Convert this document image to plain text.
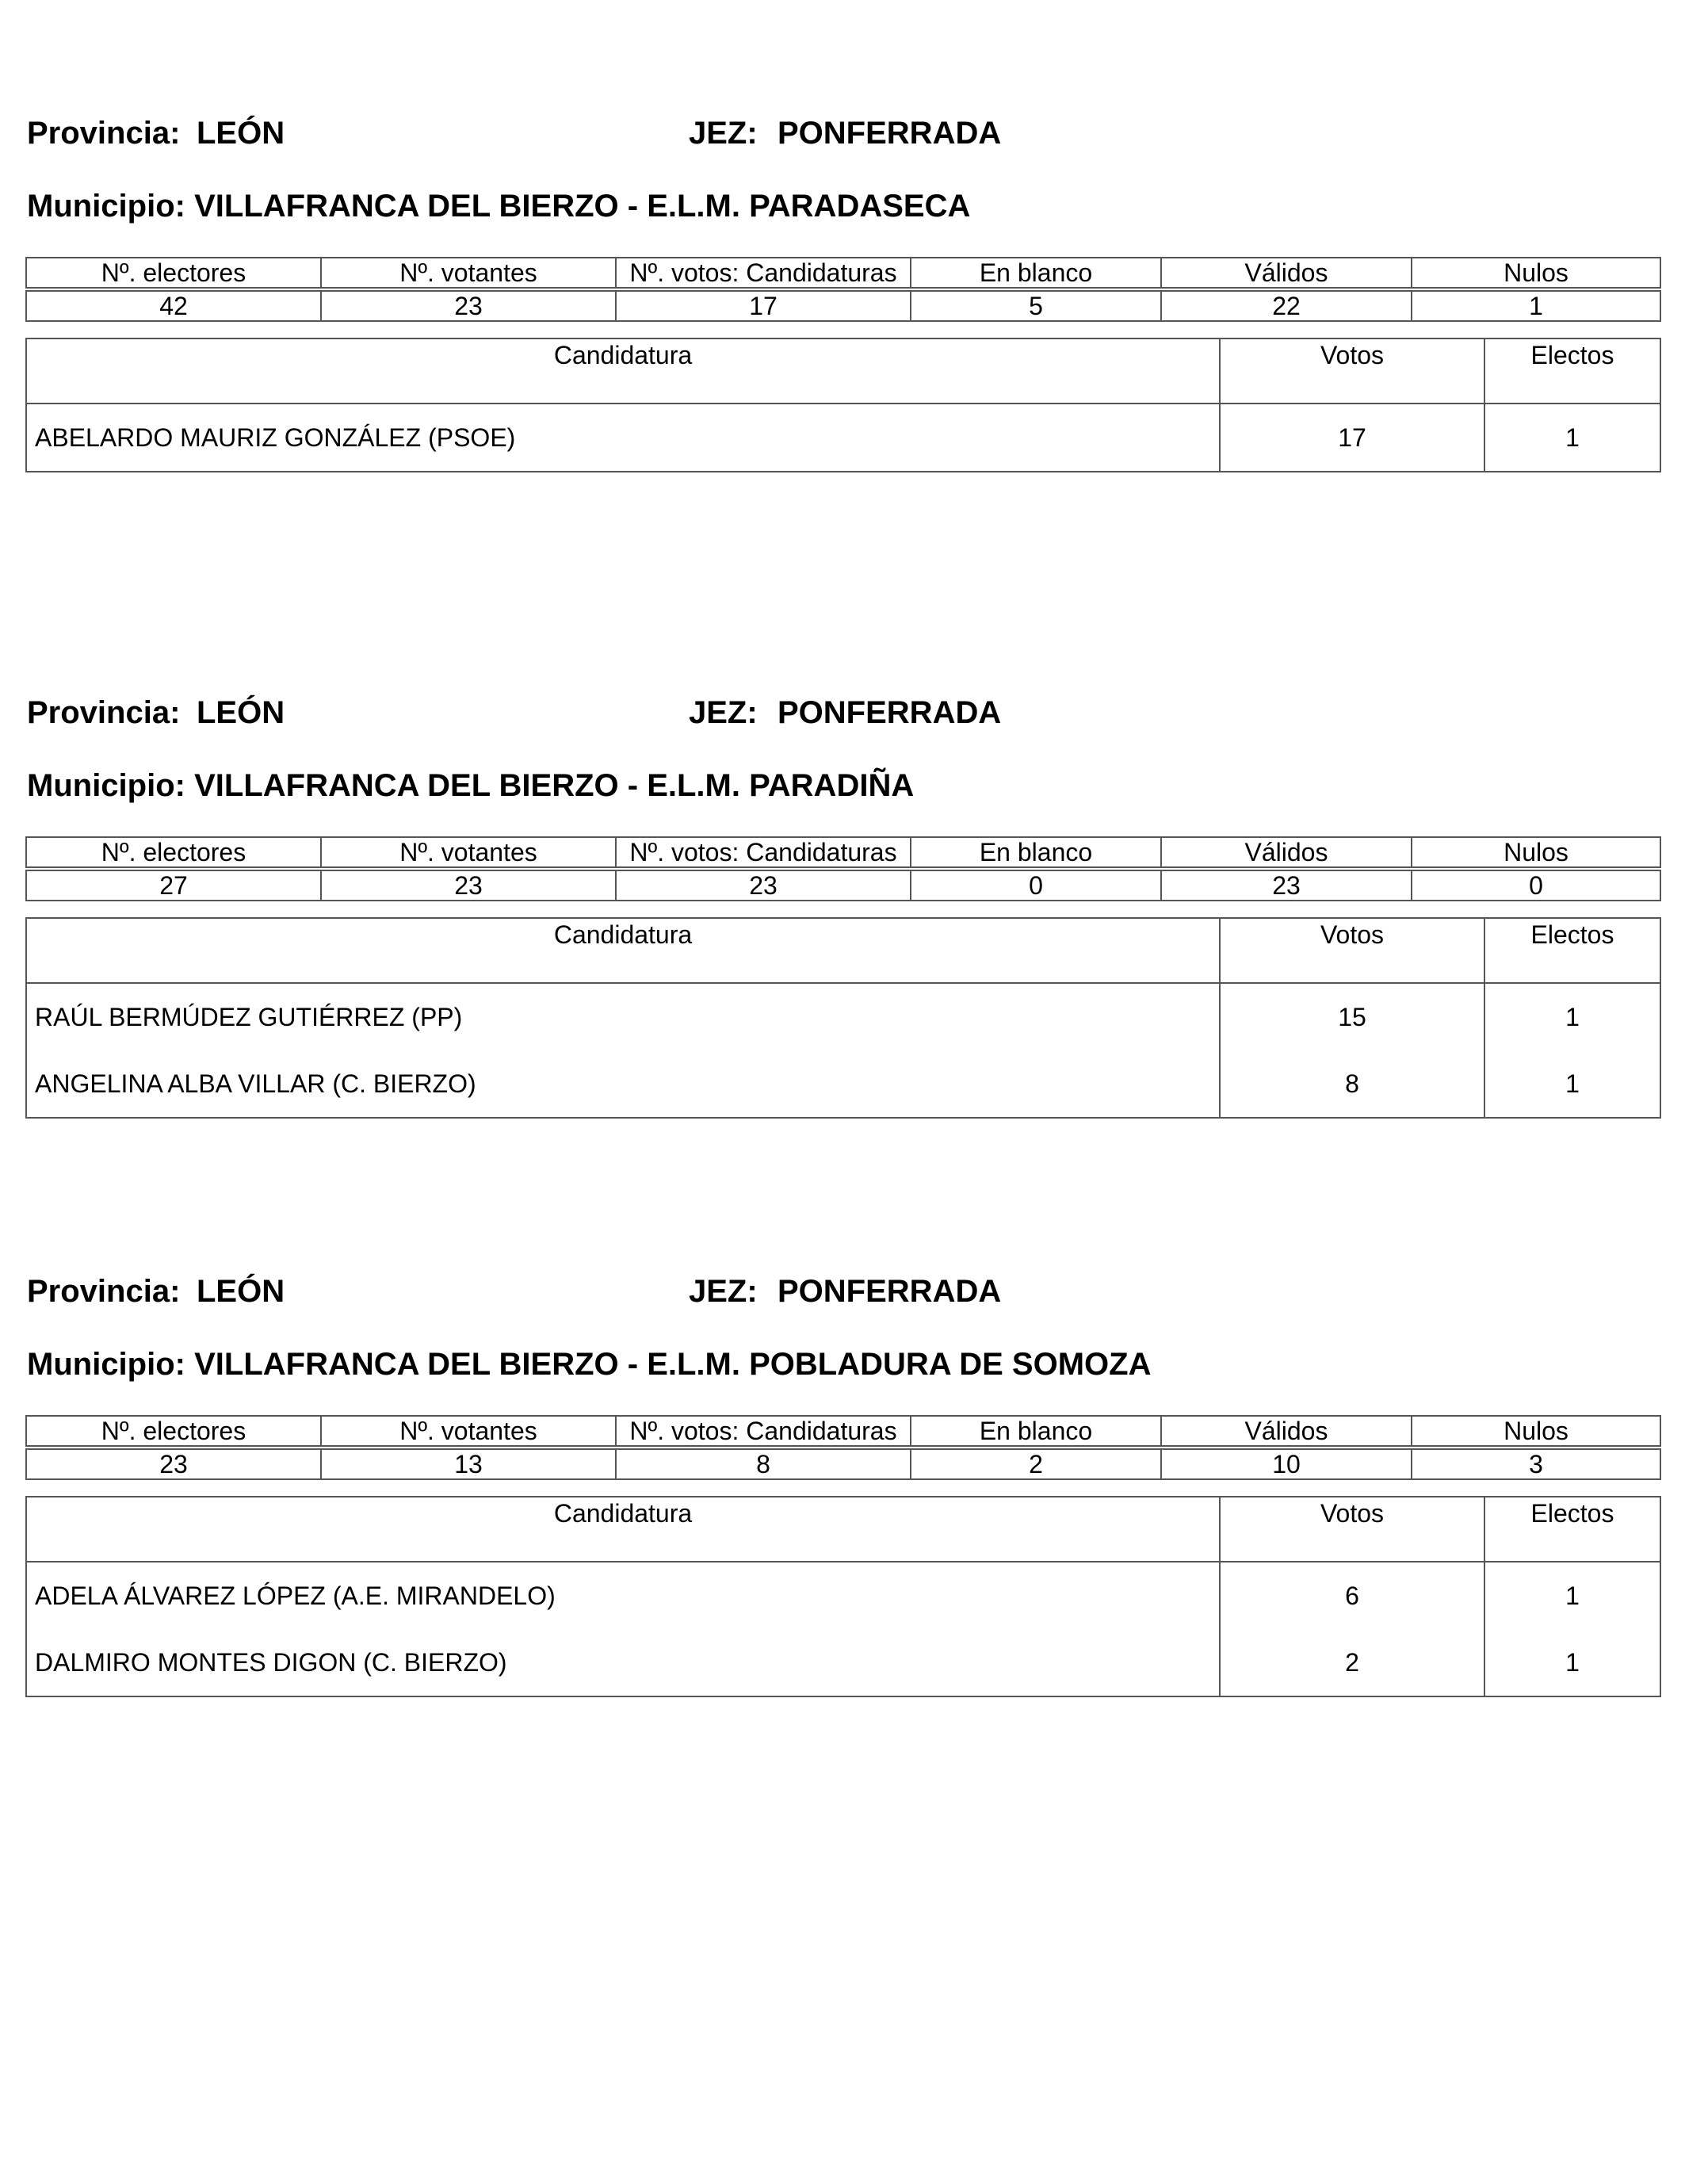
Provincia: LEÓN	JEZ: PONFERRADA
Municipio: VILLAFRANCA DEL BIERZO - E.L.M. PARADASECA
Nº. electores	Nº. votantes	Nº. votos: Candidaturas	En blanco	Válidos	Nulos

42	23	17	5	22	1
Candidatura	Votos	Electos
ABELARDO MAURIZ GONZÁLEZ (PSOE)	17	1
Provincia: LEÓN	JEZ: PONFERRADA
Municipio: VILLAFRANCA DEL BIERZO - E.L.M. PARADIÑA
Nº. electores	Nº. votantes	Nº. votos: Candidaturas	En blanco	Válidos	Nulos

27	23	23	0	23	0
Candidatura	Votos	Electos
RAÚL BERMÚDEZ GUTIÉRREZ (PP)	15	1
ANGELINA ALBA VILLAR (C. BIERZO)	8	1
Provincia: LEÓN	JEZ: PONFERRADA
Municipio: VILLAFRANCA DEL BIERZO - E.L.M. POBLADURA DE SOMOZA
Nº. electores	Nº. votantes	Nº. votos: Candidaturas	En blanco	Válidos	Nulos

23	13	8	2	10	3
Candidatura	Votos	Electos
ADELA ÁLVAREZ LÓPEZ (A.E. MIRANDELO)	6	1
DALMIRO MONTES DIGON (C. BIERZO)	2	1
